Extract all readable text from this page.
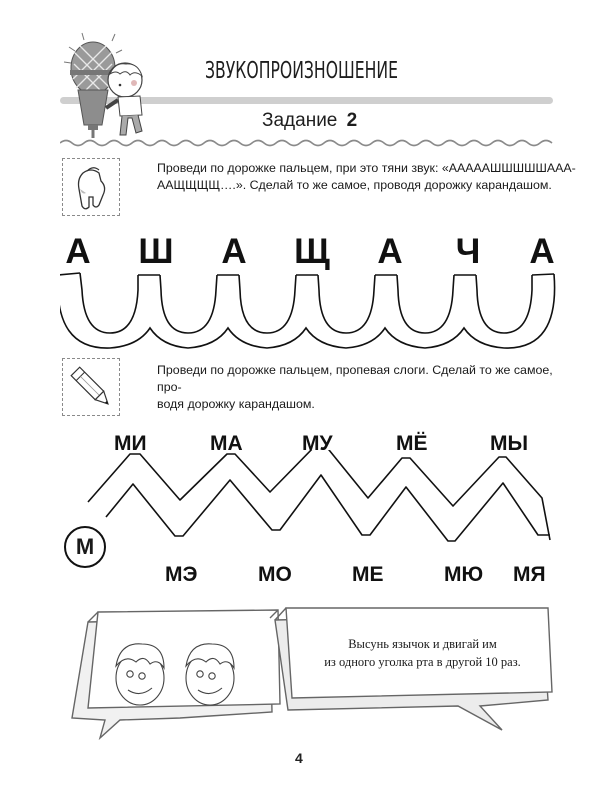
ЗВУКОПРОИЗНОШЕНИЕ
Задание 2
Проведи по дорожке пальцем, при это тяни звук: «АААААШШШШШААА-
ААЩЩЩЩ….». Сделай то же самое, проводя дорожку карандашом.
А Ш А Щ А Ч А
Проведи по дорожке пальцем, пропевая слоги. Сделай то же самое, про-
водя дорожку карандашом.
МИ	МА	МУ	МЁ	МЫ
М
МЭ	МО	МЕ	МЮ МЯ
Высунь язычок и двигай им
из одного уголка рта в другой 10 раз.
4
